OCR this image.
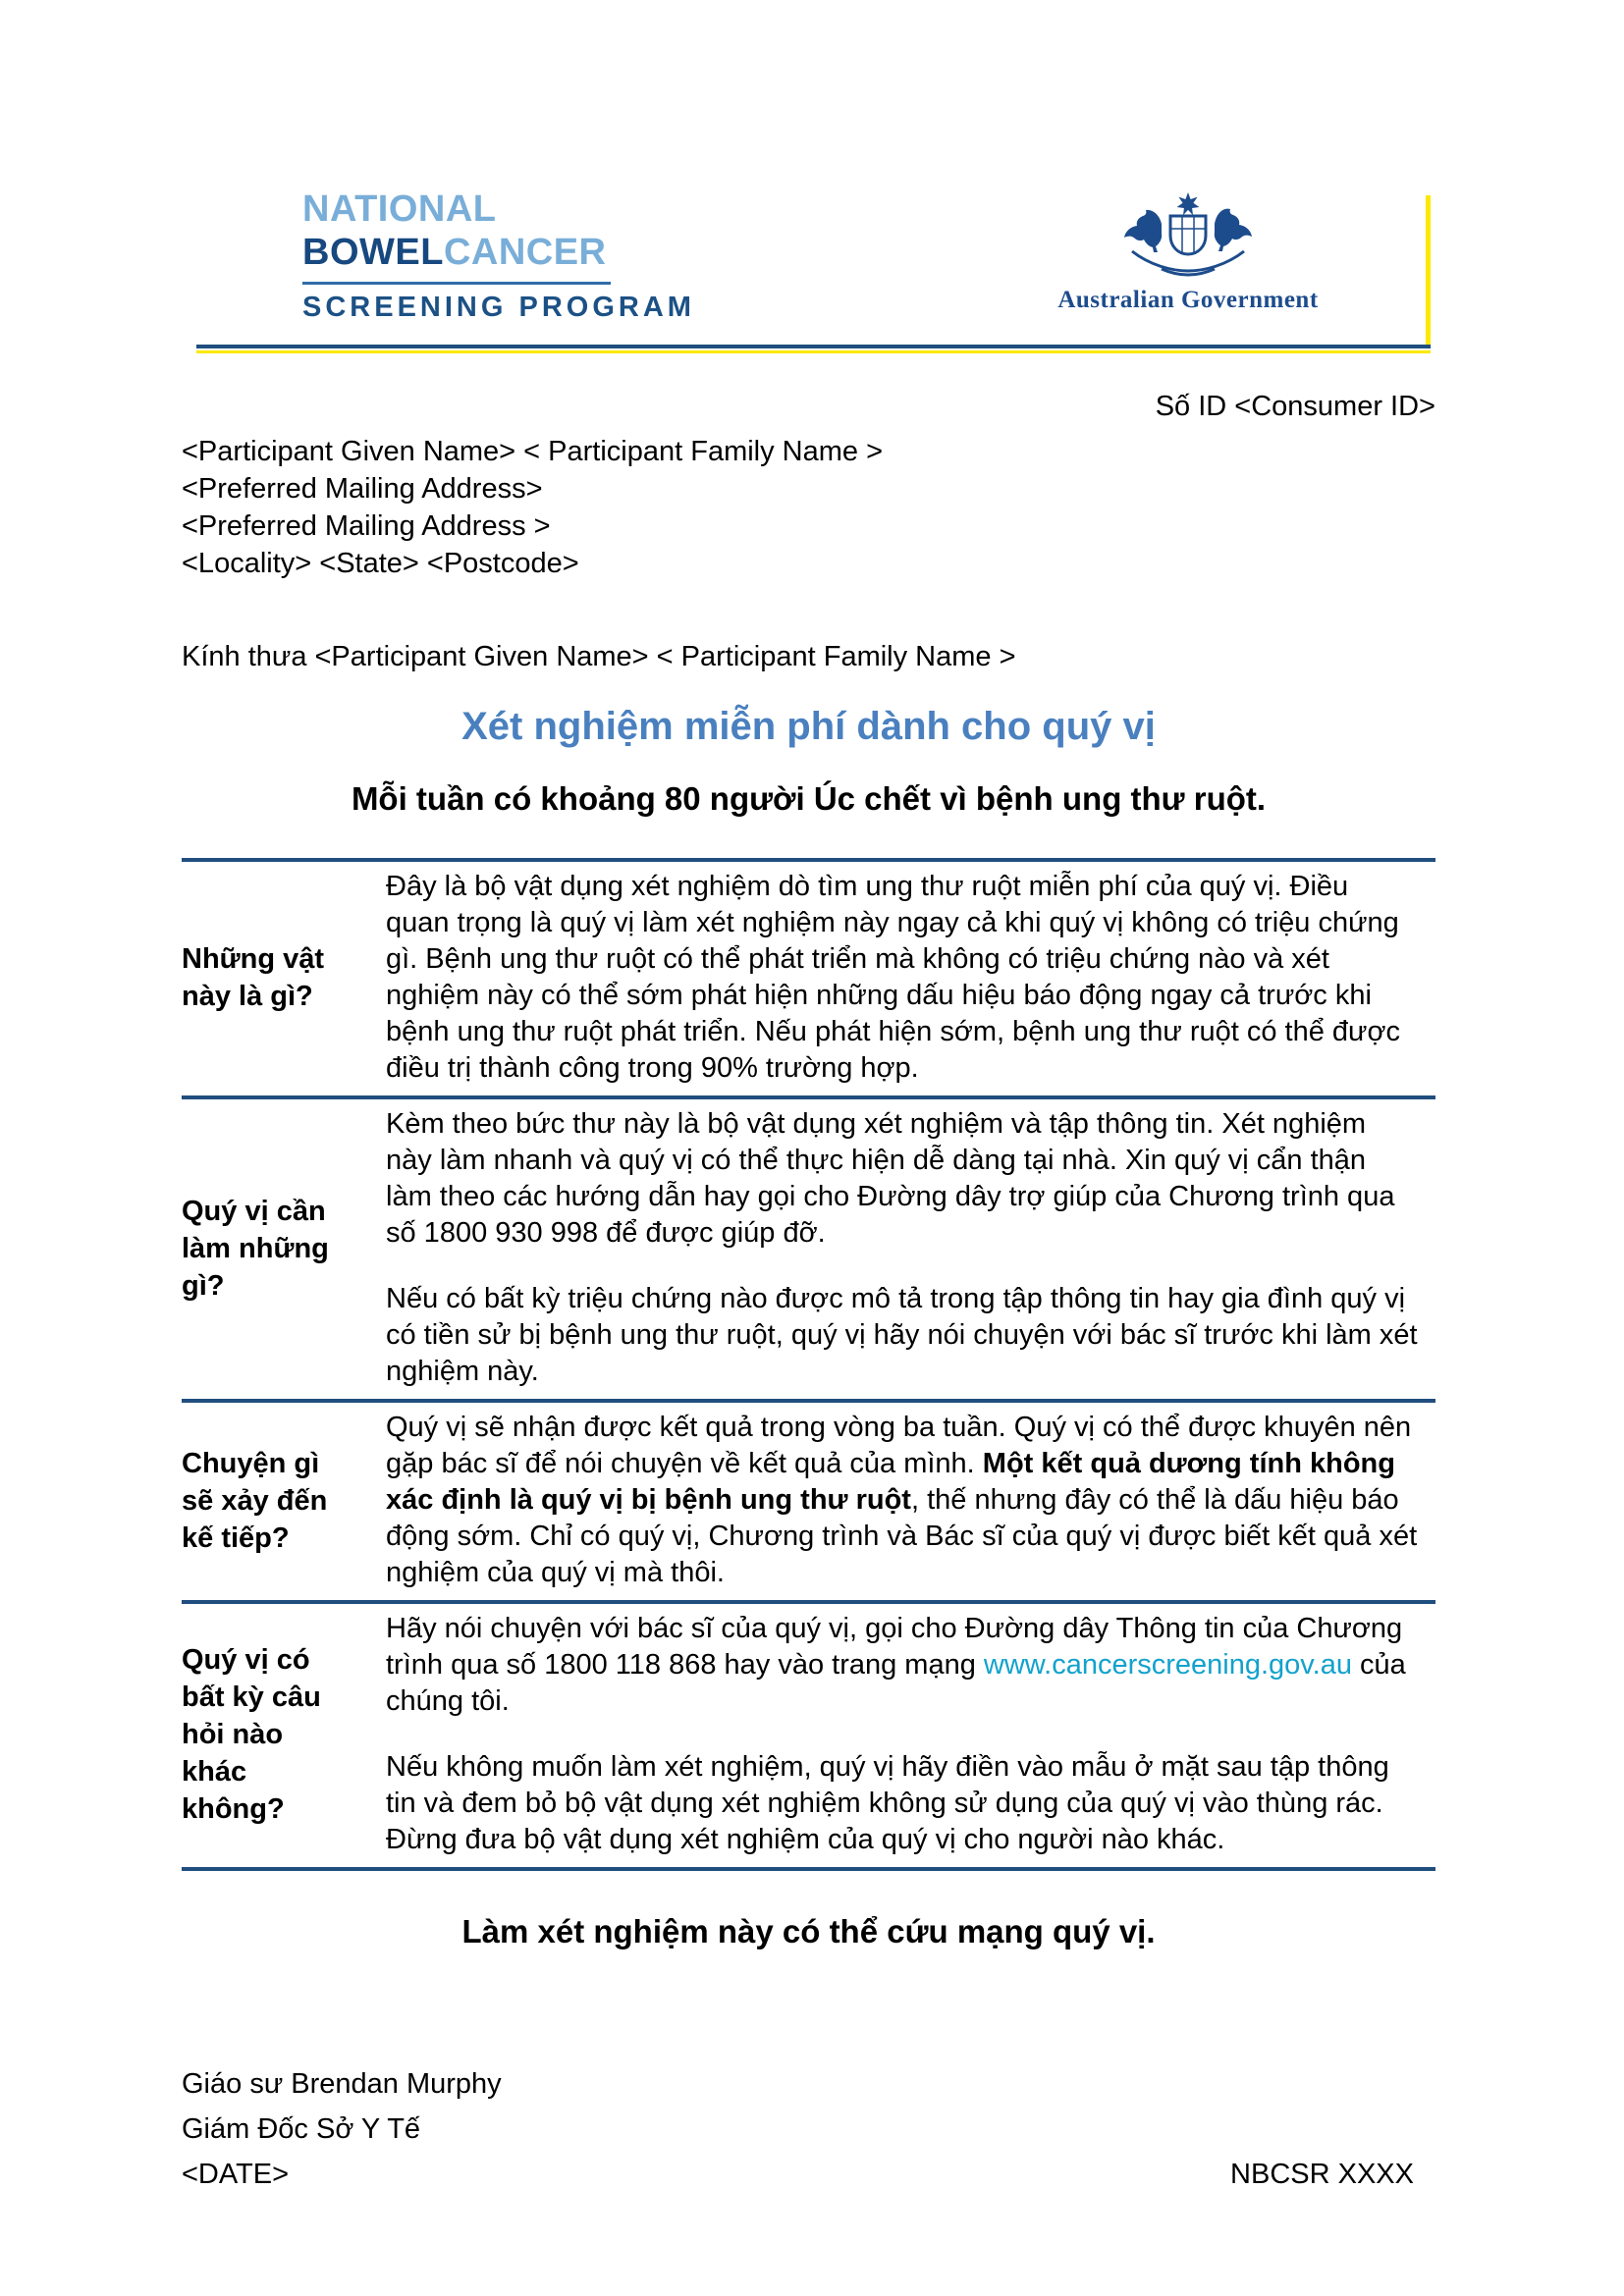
NATIONAL
BOWELCANCER
SCREENING PROGRAM	Australian Government
Số ID <Consumer ID>
<Participant Given Name> < Participant Family Name >
<Preferred Mailing Address>
<Preferred Mailing Address >
<Locality> <State> <Postcode>
Kính thưa <Participant Given Name> < Participant Family Name >
Xét nghiệm miễn phí dành cho quý vị
Mỗi tuần có khoảng 80 người Úc chết vì bệnh ung thư ruột.
Những vật
này là gì?

Đây là bộ vật dụng xét nghiệm dò tìm ung thư ruột miễn phí của quý vị. Điều quan trọng là quý vị làm xét nghiệm này ngay cả khi quý vị không có triệu chứng gì. Bệnh ung thư ruột có thể phát triển mà không có triệu chứng nào và xét nghiệm này có thể sớm phát hiện những dấu hiệu báo động ngay cả trước khi bệnh ung thư ruột phát triển. Nếu phát hiện sớm, bệnh ung thư ruột có thể được điều trị thành công trong 90% trường hợp.

Quý vị cần
làm những
gì?

Kèm theo bức thư này là bộ vật dụng xét nghiệm và tập thông tin. Xét nghiệm này làm nhanh và quý vị có thể thực hiện dễ dàng tại nhà. Xin quý vị cẩn thận làm theo các hướng dẫn hay gọi cho Đường dây trợ giúp của Chương trình qua số 1800 930 998 để được giúp đỡ.

Nếu có bất kỳ triệu chứng nào được mô tả trong tập thông tin hay gia đình quý vị có tiền sử bị bệnh ung thư ruột, quý vị hãy nói chuyện với bác sĩ trước khi làm xét nghiệm này.

Chuyện gì
sẽ xảy đến
kế tiếp?

Quý vị sẽ nhận được kết quả trong vòng ba tuần. Quý vị có thể được khuyên nên gặp bác sĩ để nói chuyện về kết quả của mình. Một kết quả dương tính không xác định là quý vị bị bệnh ung thư ruột, thế nhưng đây có thể là dấu hiệu báo động sớm. Chỉ có quý vị, Chương trình và Bác sĩ của quý vị được biết kết quả xét nghiệm của quý vị mà thôi.

Quý vị có
bất kỳ câu
hỏi nào
khác
không?

Hãy nói chuyện với bác sĩ của quý vị, gọi cho Đường dây Thông tin của Chương trình qua số 1800 118 868 hay vào trang mạng www.cancerscreening.gov.au của chúng tôi.

Nếu không muốn làm xét nghiệm, quý vị hãy điền vào mẫu ở mặt sau tập thông tin và đem bỏ bộ vật dụng xét nghiệm không sử dụng của quý vị vào thùng rác. Đừng đưa bộ vật dụng xét nghiệm của quý vị cho người nào khác.

Làm xét nghiệm này có thể cứu mạng quý vị.
Giáo sư Brendan Murphy
Giám Đốc Sở Y Tế
<DATE>	NBCSR XXXX
